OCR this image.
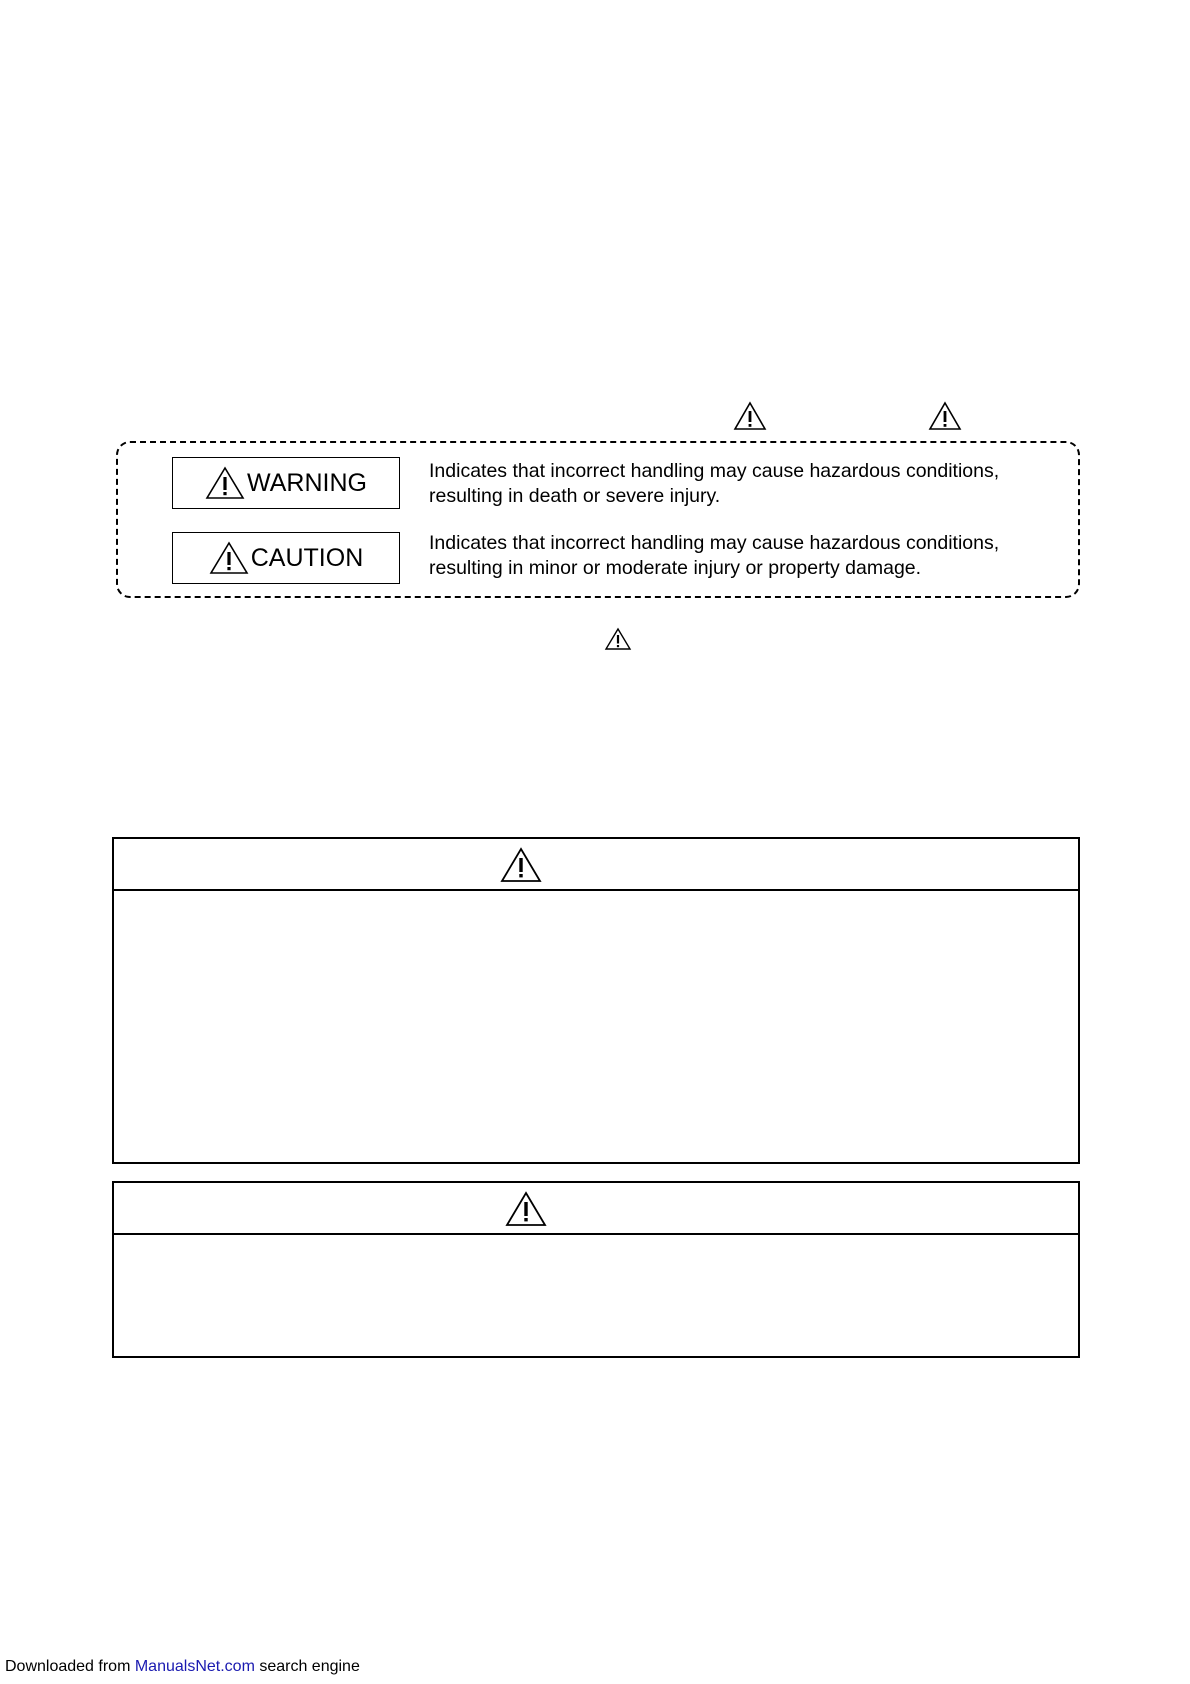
WARNING	Indicates that incorrect handling may cause hazardous conditions,
resulting in death or severe injury.
CAUTION
Indicates that incorrect handling may cause hazardous conditions,
resulting in minor or moderate injury or property damage.
Downloaded from ManualsNet.com search engine
